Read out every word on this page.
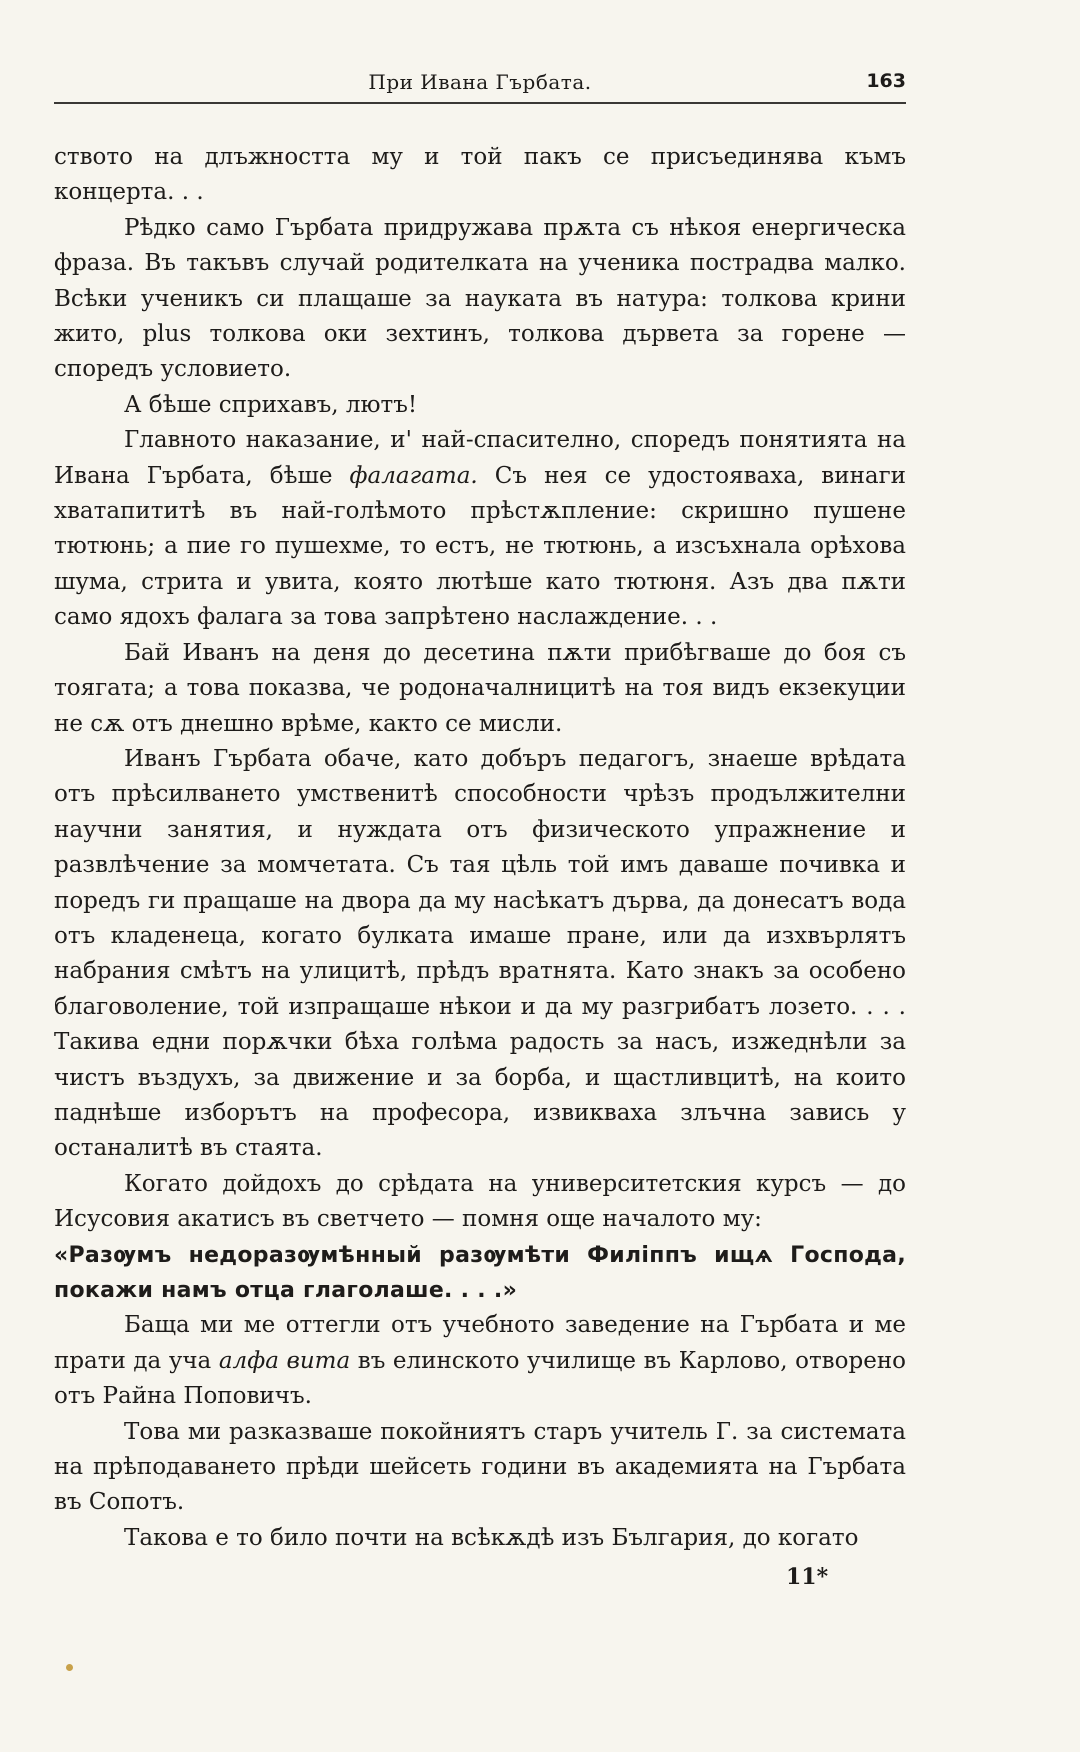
При Ивана Гърбата.	163

ството на длъжността му и той пакъ се присъединява къмъ концерта. . .

Рѣдко само Гърбата придружава прѫта съ нѣкоя енергическа фраза. Въ такъвъ случай родителката на ученика пострадва малко. Всѣки ученикъ си плащаше за науката въ натура: толкова крини жито, plus толкова оки зехтинъ, толкова дървета за горене — споредъ условието.

А бѣше сприхавъ, лютъ!

Главното наказание, и' най-спасително, споредъ понятията на Ивана Гърбата, бѣше фалагата. Съ нея се удостояваха, винаги хватапититѣ въ най-голѣмото прѣстѫпление: скришно пушене тютюнь; а пие го пушехме, то естъ, не тютюнь, а изсъхнала орѣхова шума, стрита и увита, която лютѣше като тютюня. Азъ два пѫти само ядохъ фалага за това запрѣтено наслаждение. . .

Бай Иванъ на деня до десетина пѫти прибѣгваше до боя съ тоягата; а това показва, че родоначалницитѣ на тоя видъ екзекуции не сѫ отъ днешно врѣме, както се мисли.

Иванъ Гърбата обаче, като добъръ педагогъ, знаеше врѣдата отъ прѣсилването умственитѣ способности чрѣзъ продължителни научни занятия, и нуждата отъ физическото упражнение и развлѣчение за момчетата. Съ тая цѣль той имъ даваше почивка и поредъ ги пращаше на двора да му насѣкатъ дърва, да донесатъ вода отъ кладенеца, когато булката имаше пране, или да изхвърлятъ набрания смѣтъ на улицитѣ, прѣдъ вратнята. Като знакъ за особено благоволение, той изпращаше нѣкои и да му разгрибатъ лозето. . . . Такива едни порѫчки бѣха голѣма радость за насъ, изжеднѣли за чистъ въздухъ, за движение и за борба, и щастливцитѣ, на които паднѣше изборътъ на професора, извикваха злъчна завись у останалитѣ въ стаята.

Когато дойдохъ до срѣдата на университетския курсъ — до Исусовия акатисъ въ светчето — помня още началото му:

«Разѹмъ недоразѹмѣнный разѹмѣти Филіппъ ищѧ Господа, покажи намъ отца глаголаше. . . .»

Баща ми ме оттегли отъ учебното заведение на Гърбата и ме прати да уча алфа вита въ елинското училище въ Карлово, отворено отъ Райна Поповичъ.

Това ми разказваше покойниятъ старъ учитель Г. за системата на прѣподаването прѣди шейсеть години въ академията на Гърбата въ Сопотъ.

Такова е то било почти на всѣкѫдѣ изъ България, до когато

11*
